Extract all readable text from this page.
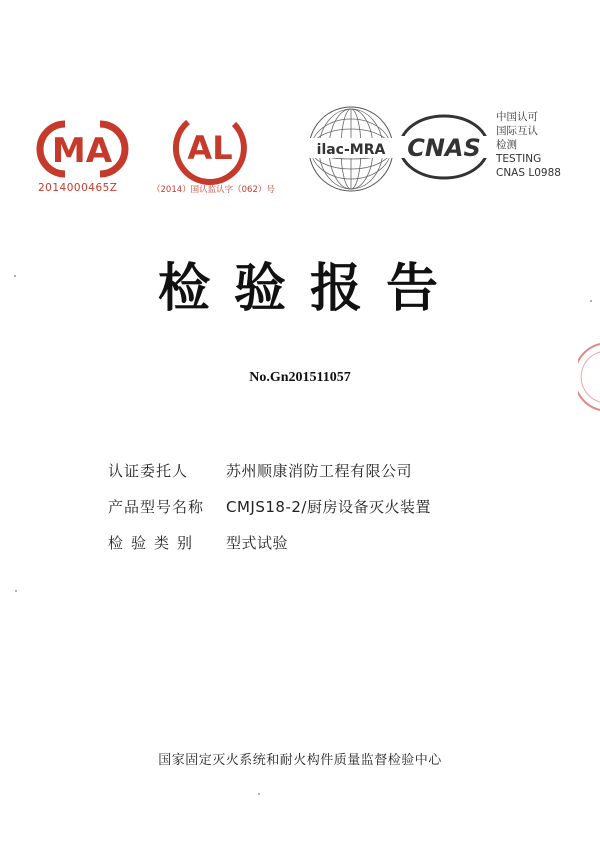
MA
2014000465Z
AL
（2014）国认监认字（062）号
ilac-MRA CNAS
中国认可
国际互认
检测
TESTING
CNAS L0988
检验报告
No.Gn201511057
认证委托人	苏州顺康消防工程有限公司
产品型号名称	CMJS18-2/厨房设备灭火装置
检验类别	型式试验
国家固定灭火系统和耐火构件质量监督检验中心
